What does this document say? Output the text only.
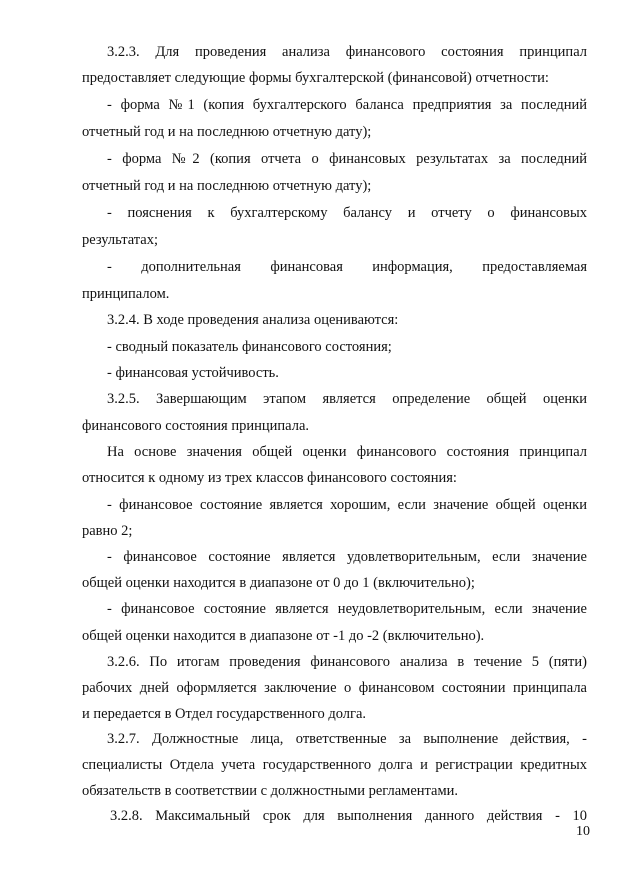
3.2.3. Для проведения анализа финансового состояния принципал
предоставляет следующие формы бухгалтерской (финансовой) отчетности:
- форма №1 (копия бухгалтерского баланса предприятия за последний
отчетный год и на последнюю отчетную дату);
- форма №2 (копия отчета о финансовых результатах за последний
отчетный год и на последнюю отчетную дату);
- пояснения к бухгалтерскому балансу и отчету о финансовых
результатах;
- дополнительная финансовая информация, предоставляемая
принципалом.
3.2.4. В ходе проведения анализа оцениваются:
- сводный показатель финансового состояния;
- финансовая устойчивость.
3.2.5. Завершающим этапом является определение общей оценки
финансового состояния принципала.
На основе значения общей оценки финансового состояния принципал
относится к одному из трех классов финансового состояния:
- финансовое состояние является хорошим, если значение общей оценки
равно 2;
- финансовое состояние является удовлетворительным, если значение
общей оценки находится в диапазоне от 0 до 1 (включительно);
- финансовое состояние является неудовлетворительным, если значение
общей оценки находится в диапазоне от -1 до -2 (включительно).
3.2.6. По итогам проведения финансового анализа в течение 5 (пяти)
рабочих дней оформляется заключение о финансовом состоянии принципала
и передается в Отдел государственного долга.
3.2.7. Должностные лица, ответственные за выполнение действия, -
специалисты Отдела учета государственного долга и регистрации кредитных
обязательств в соответствии с должностными регламентами.
3.2.8. Максимальный срок для выполнения данного действия - 10
10
